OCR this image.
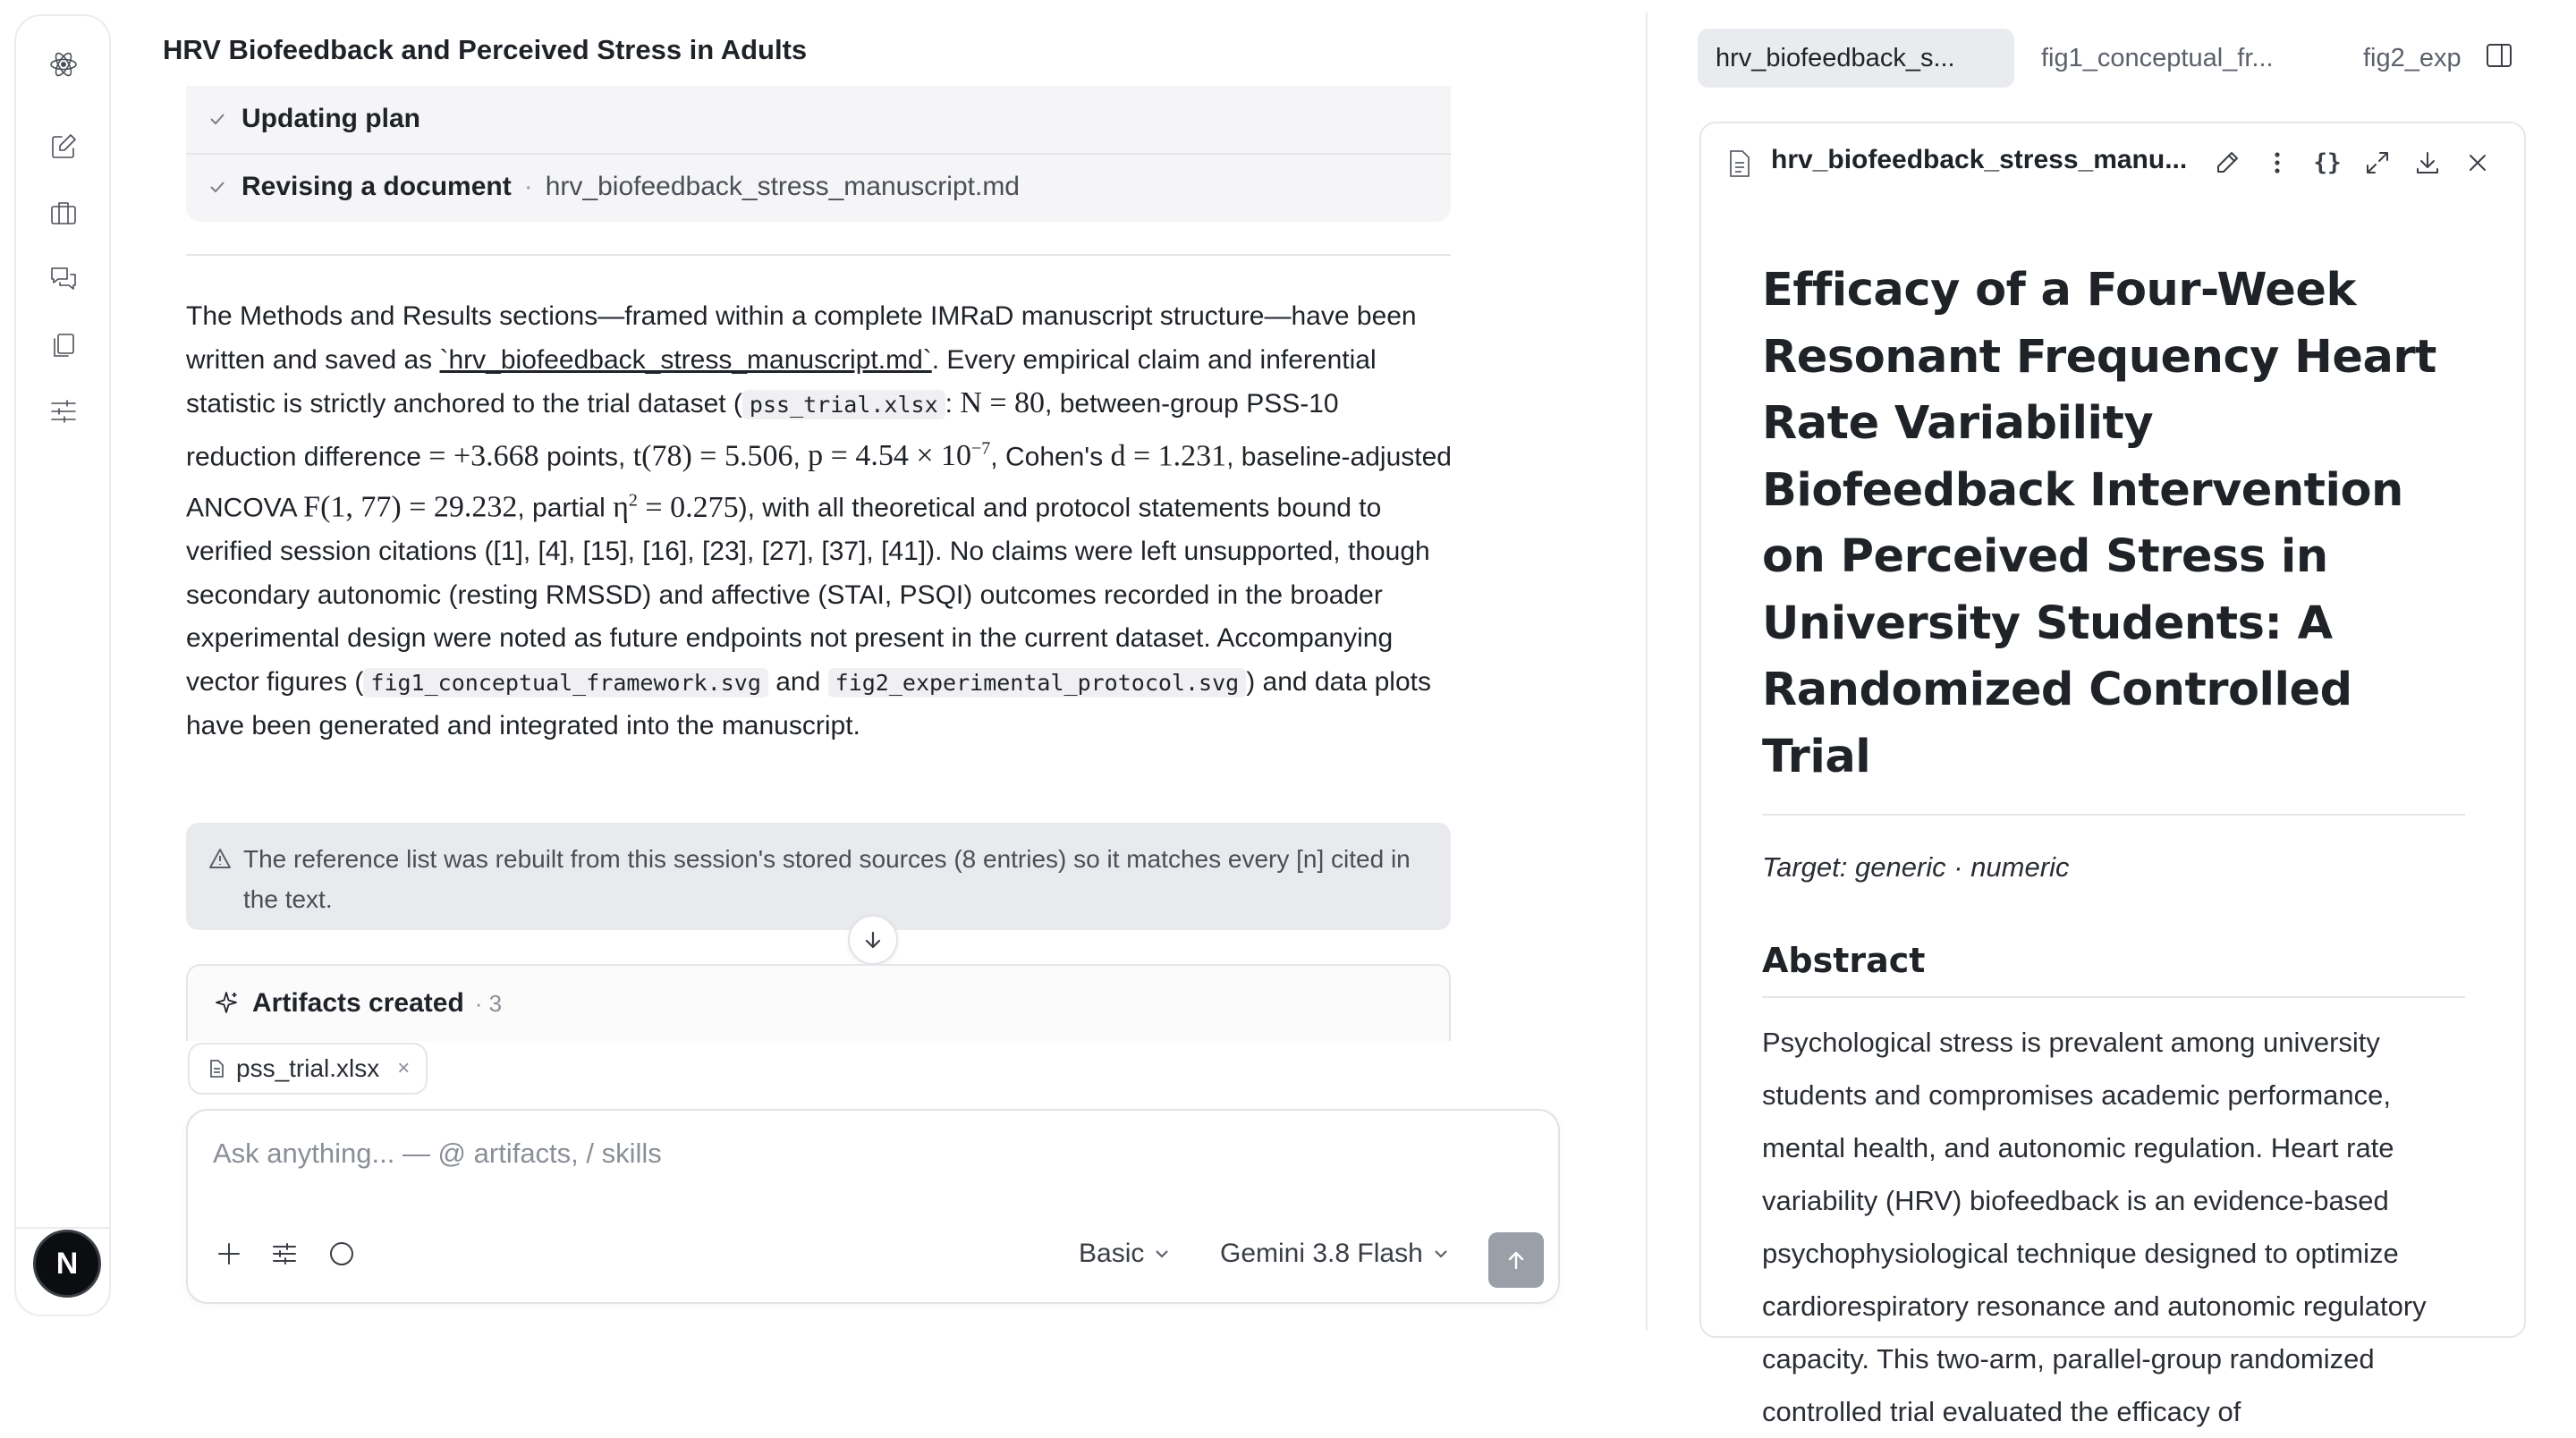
N
HRV Biofeedback and Perceived Stress in Adults
Updating plan
Revising a document · hrv_biofeedback_stress_manuscript.md
The Methods and Results sections—framed within a complete IMRaD manuscript structure—have been written and saved as `hrv_biofeedback_stress_manuscript.md`. Every empirical claim and inferential statistic is strictly anchored to the trial dataset ( pss_trial.xlsx : N = 80, between-group PSS-10 reduction difference = +3.668 points, t(78) = 5.506, $p = 4.54 \times 10^{-7}$, Cohen's d = 1.231, baseline-adjusted ANCOVA F(1, 77) = 29.232, partial $\eta^2 = 0.275$), with all theoretical and protocol statements bound to verified session citations ([1], [4], [15], [16], [23], [27], [37], [41]). No claims were left unsupported, though secondary autonomic (resting RMSSD) and affective (STAI, PSQI) outcomes recorded in the broader experimental design were noted as future endpoints not present in the current dataset. Accompanying vector figures ( fig1_conceptual_framework.svg and fig2_experimental_protocol.svg ) and data plots have been generated and integrated into the manuscript.
The reference list was rebuilt from this session's stored sources (8 entries) so it matches every [n] cited in the text.
Artifacts created · 3
pss_trial.xlsx ×
Ask anything... — @ artifacts, / skills
Basic	Gemini 3.8 Flash
hrv_biofeedback_s...	fig1_conceptual_fr...	fig2_exp
hrv_biofeedback_stress_manu...	{}
Efficacy of a Four-Week Resonant Frequency Heart Rate Variability Biofeedback Intervention on Perceived Stress in University Students: A Randomized Controlled Trial
Target: generic · numeric
Abstract
Psychological stress is prevalent among university students and compromises academic performance, mental health, and autonomic regulation. Heart rate variability (HRV) biofeedback is an evidence-based psychophysiological technique designed to optimize cardiorespiratory resonance and autonomic regulatory capacity. This two-arm, parallel-group randomized controlled trial evaluated the efficacy of
